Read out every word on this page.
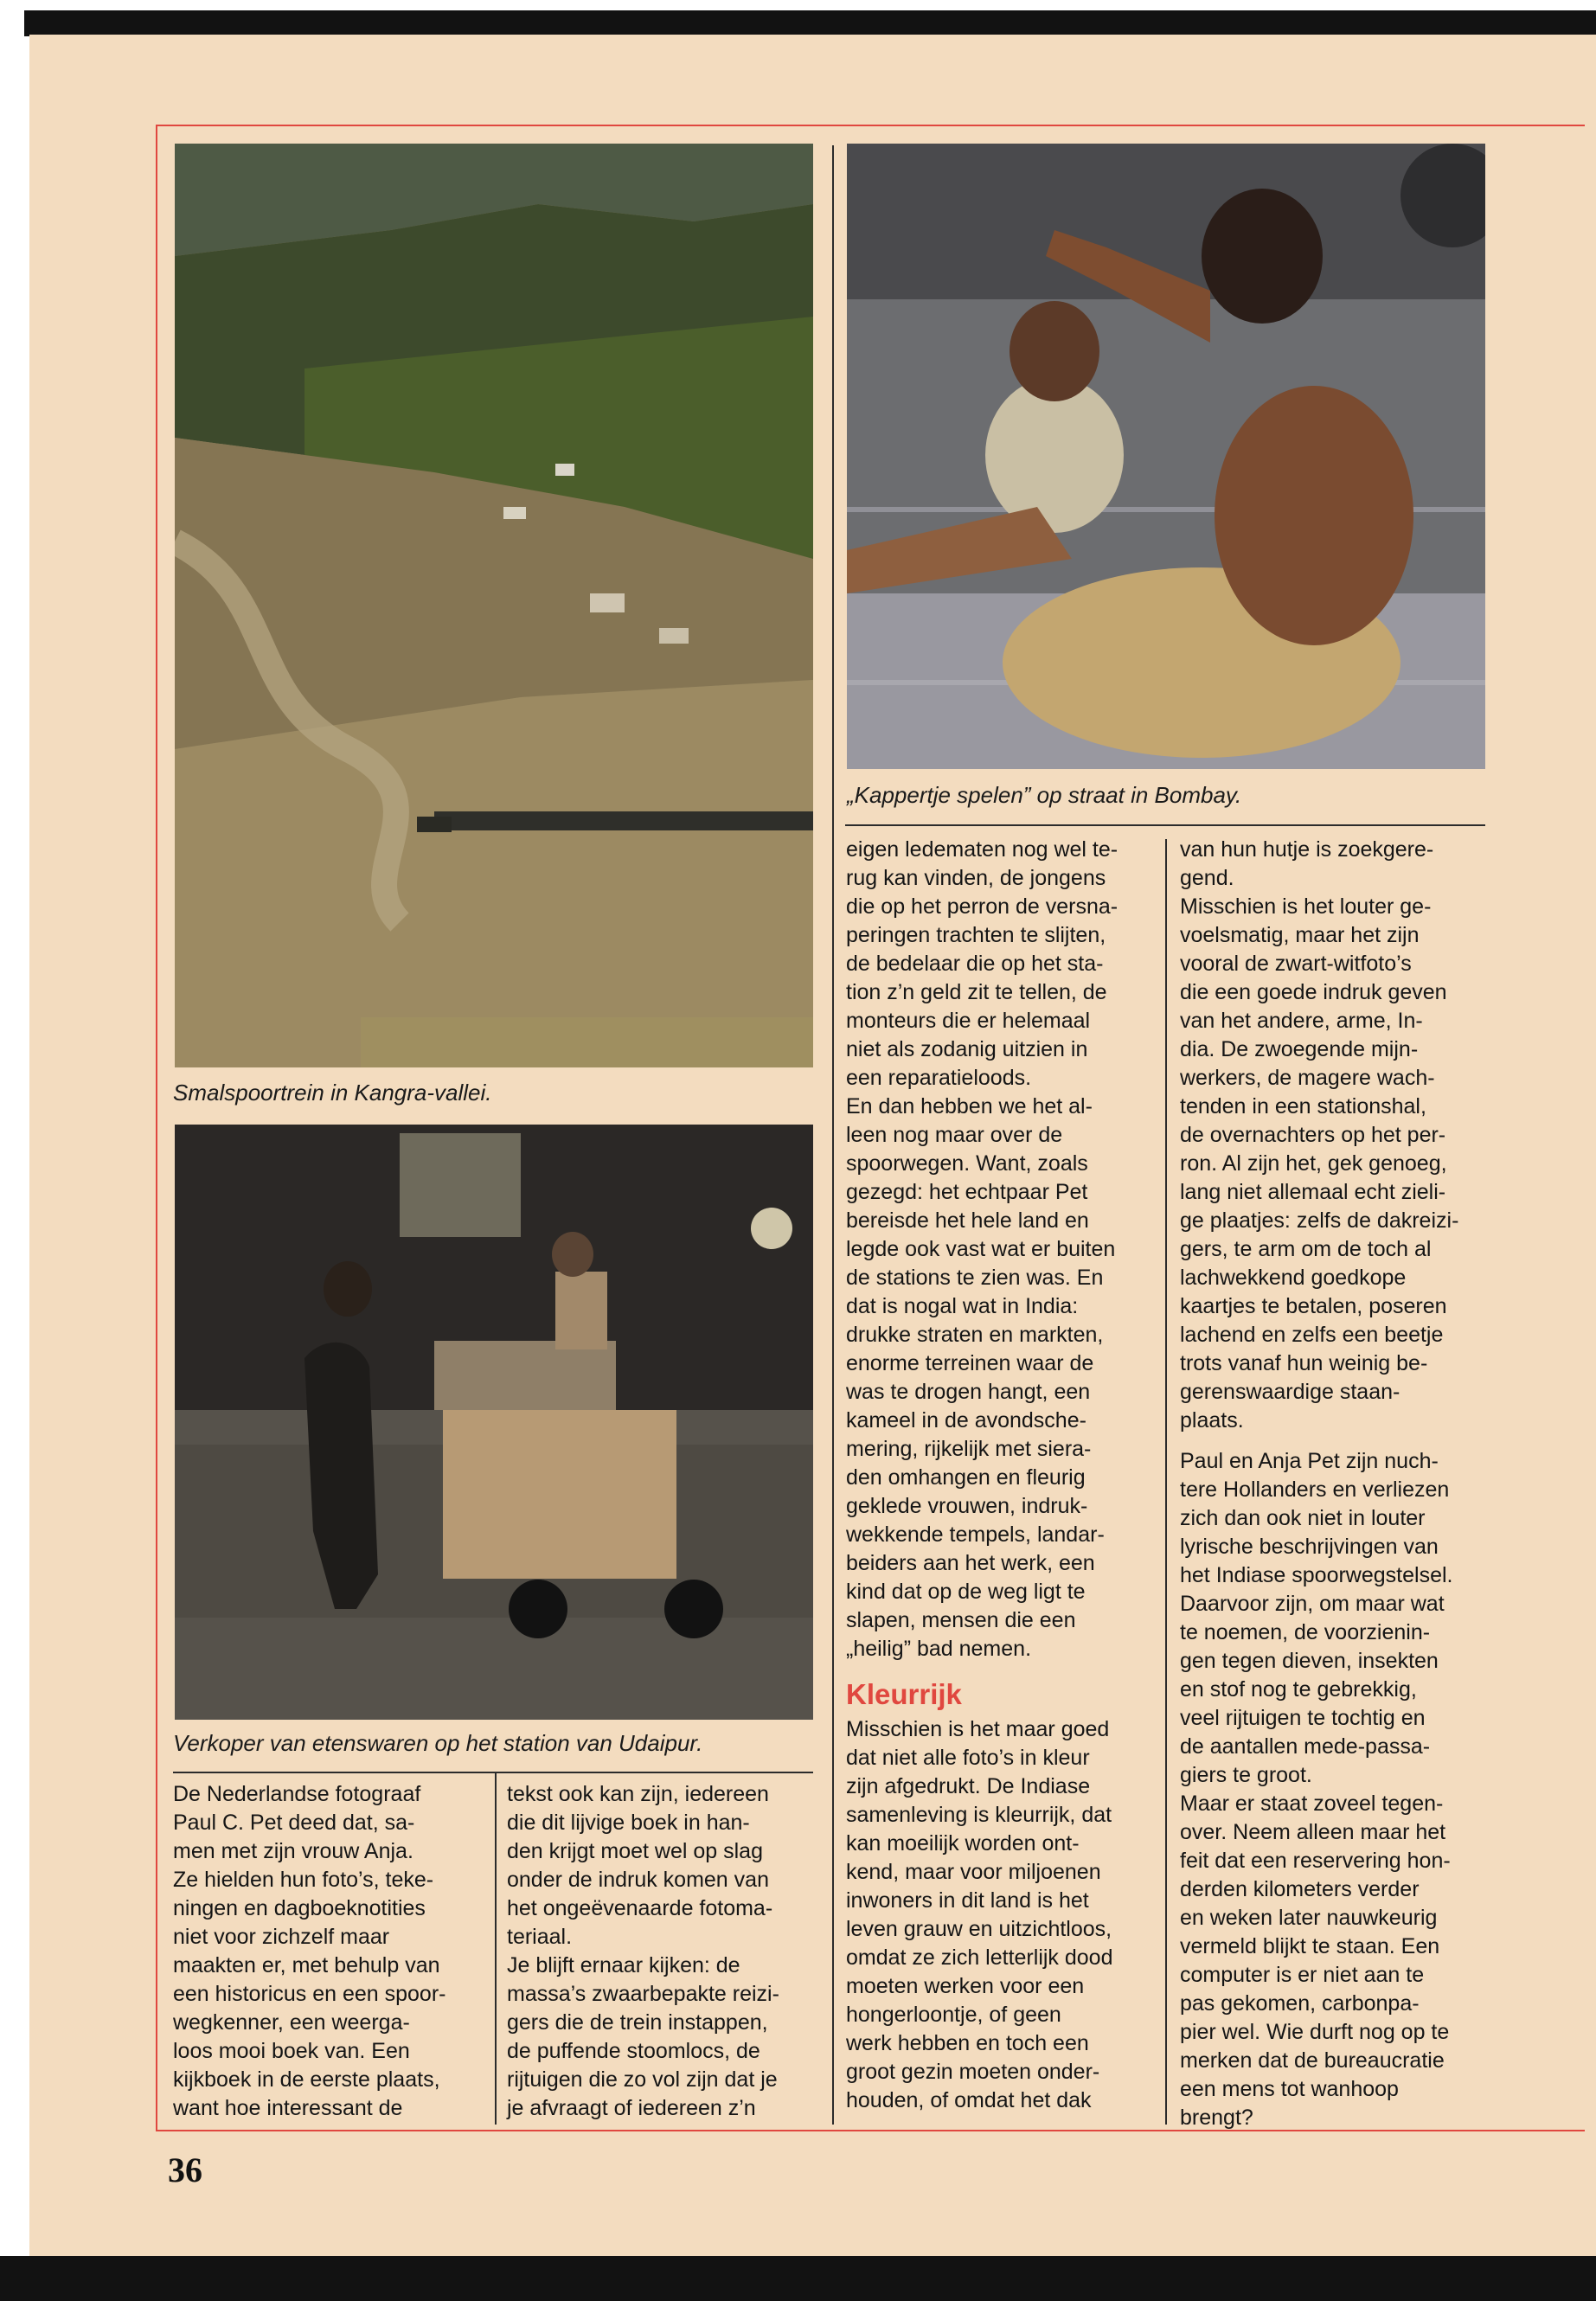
Smalspoortrein in Kangra-vallei.
„Kappertje spelen” op straat in Bombay.
Verkoper van etenswaren op het station van Udaipur.
De Nederlandse fotograaf
Paul C. Pet deed dat, sa-
men met zijn vrouw Anja.
Ze hielden hun foto’s, teke-
ningen en dagboeknotities
niet voor zichzelf maar
maakten er, met behulp van
een historicus en een spoor-
wegkenner, een weerga-
loos mooi boek van. Een
kijkboek in de eerste plaats,
want hoe interessant de
tekst ook kan zijn, iedereen
die dit lijvige boek in han-
den krijgt moet wel op slag
onder de indruk komen van
het ongeëvenaarde fotoma-
teriaal.
Je blijft ernaar kijken: de
massa’s zwaarbepakte reizi-
gers die de trein instappen,
de puffende stoomlocs, de
rijtuigen die zo vol zijn dat je
je afvraagt of iedereen z’n
eigen ledematen nog wel te-
rug kan vinden, de jongens
die op het perron de versna-
peringen trachten te slijten,
de bedelaar die op het sta-
tion z’n geld zit te tellen, de
monteurs die er helemaal
niet als zodanig uitzien in
een reparatieloods.
En dan hebben we het al-
leen nog maar over de
spoorwegen. Want, zoals
gezegd: het echtpaar Pet
bereisde het hele land en
legde ook vast wat er buiten
de stations te zien was. En
dat is nogal wat in India:
drukke straten en markten,
enorme terreinen waar de
was te drogen hangt, een
kameel in de avondsche-
mering, rijkelijk met siera-
den omhangen en fleurig
geklede vrouwen, indruk-
wekkende tempels, landar-
beiders aan het werk, een
kind dat op de weg ligt te
slapen, mensen die een
„heilig” bad nemen.
Kleurrijk
Misschien is het maar goed
dat niet alle foto’s in kleur
zijn afgedrukt. De Indiase
samenleving is kleurrijk, dat
kan moeilijk worden ont-
kend, maar voor miljoenen
inwoners in dit land is het
leven grauw en uitzichtloos,
omdat ze zich letterlijk dood
moeten werken voor een
hongerloontje, of geen
werk hebben en toch een
groot gezin moeten onder-
houden, of omdat het dak
van hun hutje is zoekgere-
gend.
Misschien is het louter ge-
voelsmatig, maar het zijn
vooral de zwart-witfoto’s
die een goede indruk geven
van het andere, arme, In-
dia. De zwoegende mijn-
werkers, de magere wach-
tenden in een stationshal,
de overnachters op het per-
ron. Al zijn het, gek genoeg,
lang niet allemaal echt zieli-
ge plaatjes: zelfs de dakreizi-
gers, te arm om de toch al
lachwekkend goedkope
kaartjes te betalen, poseren
lachend en zelfs een beetje
trots vanaf hun weinig be-
gerenswaardige staan-
plaats.
Paul en Anja Pet zijn nuch-
tere Hollanders en verliezen
zich dan ook niet in louter
lyrische beschrijvingen van
het Indiase spoorwegstelsel.
Daarvoor zijn, om maar wat
te noemen, de voorzienin-
gen tegen dieven, insekten
en stof nog te gebrekkig,
veel rijtuigen te tochtig en
de aantallen mede-passa-
giers te groot.
Maar er staat zoveel tegen-
over. Neem alleen maar het
feit dat een reservering hon-
derden kilometers verder
en weken later nauwkeurig
vermeld blijkt te staan. Een
computer is er niet aan te
pas gekomen, carbonpa-
pier wel. Wie durft nog op te
merken dat de bureaucratie
een mens tot wanhoop
brengt?
36
